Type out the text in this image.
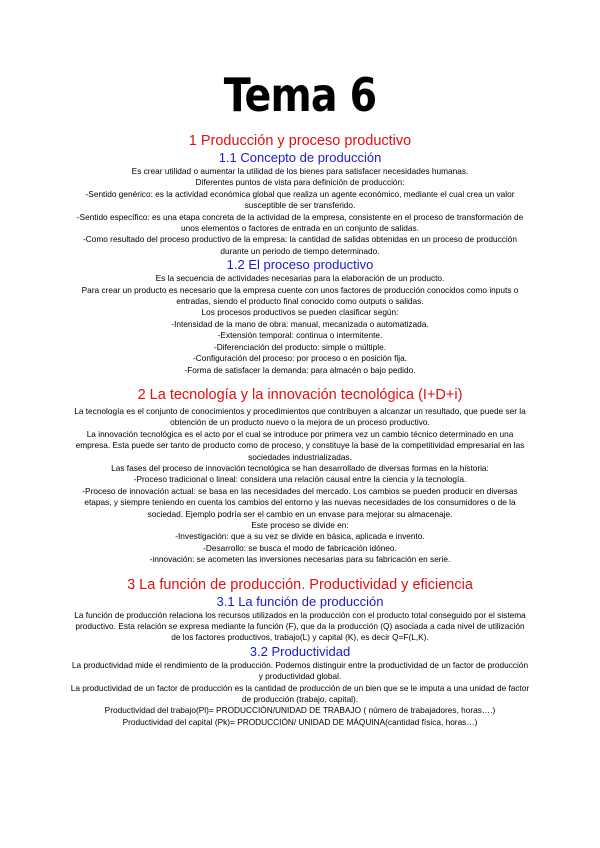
Tema 6
1 Producción y proceso productivo
1.1 Concepto de producción

Es crear utilidad o aumentar la utilidad de los bienes para satisfacer necesidades humanas.

Diferentes puntos de vista para definición de producción:

-Sentido genérico: es la actividad económica global que realiza un agente económico, mediante el cual crea un valor susceptible de ser transferido.

-Sentido específico: es una etapa concreta de la actividad de la empresa, consistente en el proceso de transformación de unos elementos o factores de entrada en un conjunto de salidas.

-Como resultado del proceso productivo de la empresa: la cantidad de salidas obtenidas en un proceso de producción durante un periodo de tiempo determinado.

1.2 El proceso productivo

Es la secuencia de actividades necesarias para la elaboración de un producto.

Para crear un producto es necesario que la empresa cuente con unos factores de producción conocidos como inputs o entradas, siendo el producto final conocido como outputs o salidas.

Los procesos productivos se pueden clasificar según:

-Intensidad de la mano de obra: manual, mecanizada o automatizada.

-Extensión temporal: continua o intermitente.

-Diferenciación del producto: simple o múltiple.

-Configuración del proceso: por proceso o en posición fija.

-Forma de satisfacer la demanda: para almacén o bajo pedido.

2 La tecnología y la innovación tecnológica (I+D+i)

La tecnología es el conjunto de conocimientos y procedimientos que contribuyen a alcanzar un resultado, que puede ser la obtención de un producto nuevo o la mejora de un proceso productivo.

La innovación tecnológica es el acto por el cual se introduce por primera vez un cambio técnico determinado en una empresa. Esta puede ser tanto de producto como de proceso, y constituye la base de la competitividad empresarial en las sociedades industrializadas.

Las fases del proceso de innovación tecnológica se han desarrollado de diversas formas en la historia:

-Proceso tradicional o lineal: considera una relación causal entre la ciencia y la tecnología.

-Proceso de innovación actual: se basa en las necesidades del mercado. Los cambios se pueden producir en diversas etapas, y siempre teniendo en cuenta los cambios del entorno y las nuevas necesidades de los consumidores o de la sociedad. Ejemplo podría ser el cambio en un envase para mejorar su almacenaje.

Este proceso se divide en:

-Investigación: que a su vez se divide en básica, aplicada e invento.

-Desarrollo: se busca el modo de fabricación idóneo.

-innovación: se acometen las inversiones necesarias para su fabricación en serie.

3 La función de producción. Productividad y eficiencia
3.1 La función de producción

La función de producción relaciona los recursos utilizados en la producción con el producto total conseguido por el sistema productivo. Esta relación se expresa mediante la función (F), que da la producción (Q) asociada a cada nivel de utilización de los factores productivos, trabajo(L) y capital (K), es decir Q=F(L,K).

3.2 Productividad

La productividad mide el rendimiento de la producción. Podemos distinguir entre la productividad de un factor de producción y productividad global.

La productividad de un factor de producción es la cantidad de producción de un bien que se le imputa a una unidad de factor de producción (trabajo, capital).

Productividad del trabajo(Pl)= PRODUCCIÓN/UNIDAD DE TRABAJO ( número de trabajadores, horas….)

Productividad del capital (Pk)= PRODUCCIÓN/ UNIDAD DE MÁQUINA(cantidad física, horas…)
